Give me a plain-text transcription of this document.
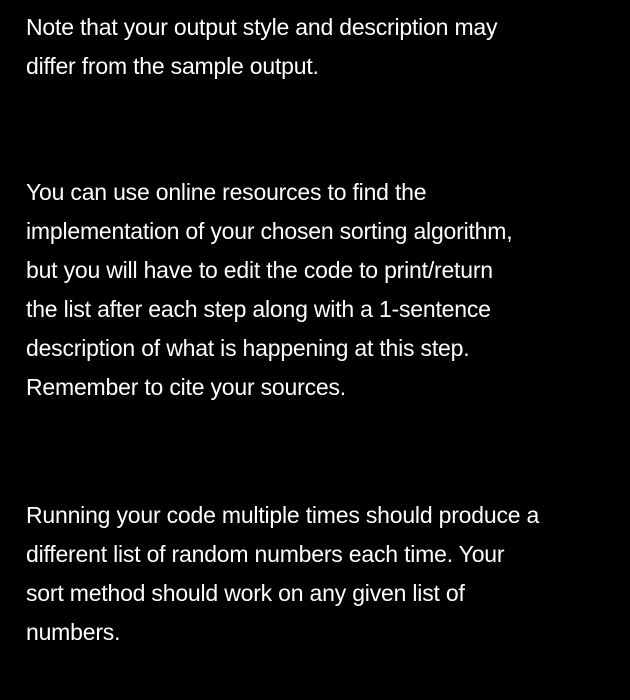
Note that your output style and description may
differ from the sample output.

You can use online resources to find the
implementation of your chosen sorting algorithm,
but you will have to edit the code to print/return
the list after each step along with a 1-sentence
description of what is happening at this step.
Remember to cite your sources.

Running your code multiple times should produce a
different list of random numbers each time. Your
sort method should work on any given list of
numbers.
